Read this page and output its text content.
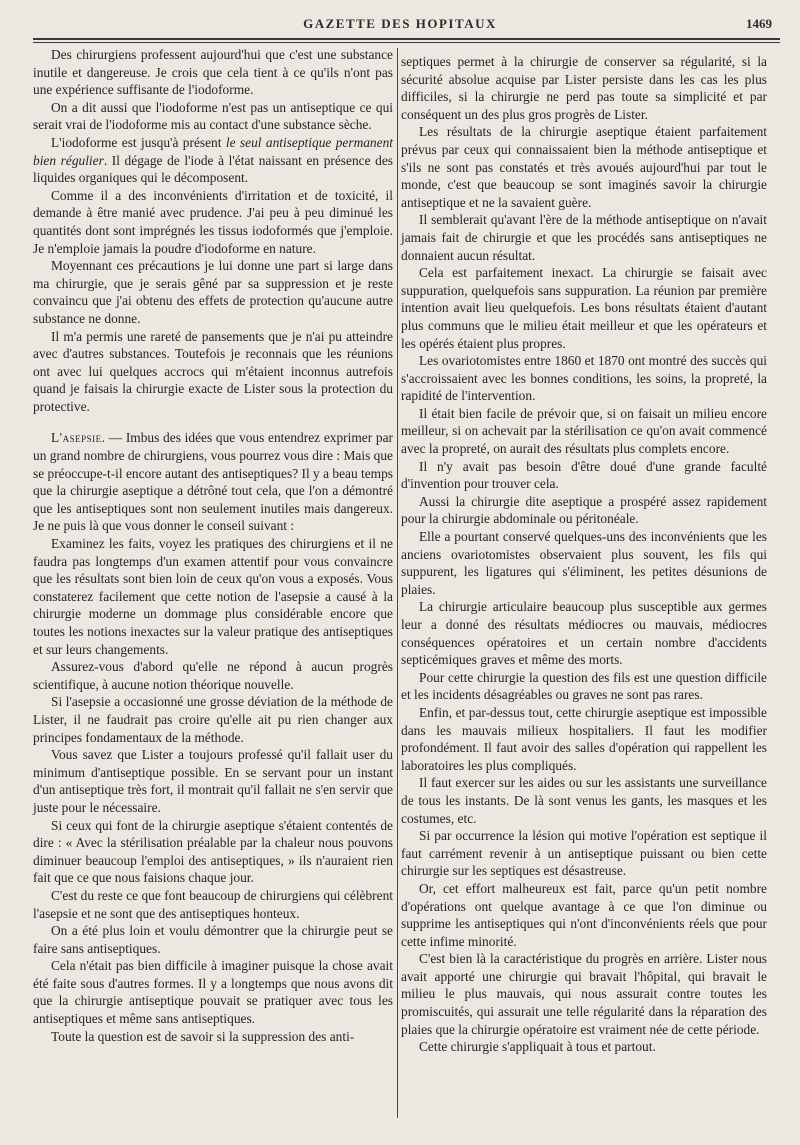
GAZETTE DES HOPITAUX	1469

Des chirurgiens professent aujourd'hui que c'est une substance inutile et dangereuse. Je crois que cela tient à ce qu'ils n'ont pas une expérience suffisante de l'iodoforme.

On a dit aussi que l'iodoforme n'est pas un antiseptique ce qui serait vrai de l'iodoforme mis au contact d'une substance sèche.

L'iodoforme est jusqu'à présent le seul antiseptique permanent bien régulier. Il dégage de l'iode à l'état naissant en présence des liquides organiques qui le décomposent.

Comme il a des inconvénients d'irritation et de toxicité, il demande à être manié avec prudence. J'ai peu à peu diminué les quantités dont sont imprégnés les tissus iodoformés que j'emploie. Je n'emploie jamais la poudre d'iodoforme en nature.

Moyennant ces précautions je lui donne une part si large dans ma chirurgie, que je serais gêné par sa suppression et je reste convaincu que j'ai obtenu des effets de protection qu'aucune autre substance ne donne.

Il m'a permis une rareté de pansements que je n'ai pu atteindre avec d'autres substances. Toutefois je reconnais que les réunions ont avec lui quelques accrocs qui m'étaient inconnus autrefois quand je faisais la chirurgie exacte de Lister sous la protection du protective.

L'asepsie. — Imbus des idées que vous entendrez exprimer par un grand nombre de chirurgiens, vous pourrez vous dire : Mais que se préoccupe-t-il encore autant des antiseptiques? Il y a beau temps que la chirurgie aseptique a détrôné tout cela, que l'on a démontré que les antiseptiques sont non seulement inutiles mais dangereux. Je ne puis là que vous donner le conseil suivant :

Examinez les faits, voyez les pratiques des chirurgiens et il ne faudra pas longtemps d'un examen attentif pour vous convaincre que les résultats sont bien loin de ceux qu'on vous a exposés. Vous constaterez facilement que cette notion de l'asepsie a causé à la chirurgie moderne un dommage plus considérable encore que toutes les notions inexactes sur la valeur pratique des antiseptiques et sur leurs changements.

Assurez-vous d'abord qu'elle ne répond à aucun progrès scientifique, à aucune notion théorique nouvelle.

Si l'asepsie a occasionné une grosse déviation de la méthode de Lister, il ne faudrait pas croire qu'elle ait pu rien changer aux principes fondamentaux de la méthode.

Vous savez que Lister a toujours professé qu'il fallait user du minimum d'antiseptique possible. En se servant pour un instant d'un antiseptique très fort, il montrait qu'il fallait ne s'en servir que juste pour le nécessaire.

Si ceux qui font de la chirurgie aseptique s'étaient contentés de dire : « Avec la stérilisation préalable par la chaleur nous pouvons diminuer beaucoup l'emploi des antiseptiques, » ils n'auraient rien fait que ce que nous faisions chaque jour.

C'est du reste ce que font beaucoup de chirurgiens qui célèbrent l'asepsie et ne sont que des antiseptiques honteux.

On a été plus loin et voulu démontrer que la chirurgie peut se faire sans antiseptiques.

Cela n'était pas bien difficile à imaginer puisque la chose avait été faite sous d'autres formes. Il y a longtemps que nous avons dit que la chirurgie antiseptique pouvait se pratiquer avec tous les antiseptiques et même sans antiseptiques.

Toute la question est de savoir si la suppression des anti-

septiques permet à la chirurgie de conserver sa régularité, si la sécurité absolue acquise par Lister persiste dans les cas les plus difficiles, si la chirurgie ne perd pas toute sa simplicité et par conséquent un des plus gros progrès de Lister.

Les résultats de la chirurgie aseptique étaient parfaitement prévus par ceux qui connaissaient bien la méthode antiseptique et s'ils ne sont pas constatés et très avoués aujourd'hui par tout le monde, c'est que beaucoup se sont imaginés savoir la chirurgie antiseptique et ne la savaient guère.

Il semblerait qu'avant l'ère de la méthode antiseptique on n'avait jamais fait de chirurgie et que les procédés sans antiseptiques ne donnaient aucun résultat.

Cela est parfaitement inexact. La chirurgie se faisait avec suppuration, quelquefois sans suppuration. La réunion par première intention avait lieu quelquefois. Les bons résultats étaient d'autant plus communs que le milieu était meilleur et que les opérateurs et les opérés étaient plus propres.

Les ovariotomistes entre 1860 et 1870 ont montré des succès qui s'accroissaient avec les bonnes conditions, les soins, la propreté, la rapidité de l'intervention.

Il était bien facile de prévoir que, si on faisait un milieu encore meilleur, si on achevait par la stérilisation ce qu'on avait commencé avec la propreté, on aurait des résultats plus complets encore.

Il n'y avait pas besoin d'être doué d'une grande faculté d'invention pour trouver cela.

Aussi la chirurgie dite aseptique a prospéré assez rapidement pour la chirurgie abdominale ou péritonéale.

Elle a pourtant conservé quelques-uns des inconvénients que les anciens ovariotomistes observaient plus souvent, les fils qui suppurent, les ligatures qui s'éliminent, les petites désunions de plaies.

La chirurgie articulaire beaucoup plus susceptible aux germes leur a donné des résultats médiocres ou mauvais, médiocres conséquences opératoires et un certain nombre d'accidents septicémiques graves et même des morts.

Pour cette chirurgie la question des fils est une question difficile et les incidents désagréables ou graves ne sont pas rares.

Enfin, et par-dessus tout, cette chirurgie aseptique est impossible dans les mauvais milieux hospitaliers. Il faut les modifier profondément. Il faut avoir des salles d'opération qui rappellent les laboratoires les plus compliqués.

Il faut exercer sur les aides ou sur les assistants une surveillance de tous les instants. De là sont venus les gants, les masques et les costumes, etc.

Si par occurrence la lésion qui motive l'opération est septique il faut carrément revenir à un antiseptique puissant ou bien cette chirurgie sur les septiques est désastreuse.

Or, cet effort malheureux est fait, parce qu'un petit nombre d'opérations ont quelque avantage à ce que l'on diminue ou supprime les antiseptiques qui n'ont d'inconvénients réels que pour cette infime minorité.

C'est bien là la caractéristique du progrès en arrière. Lister nous avait apporté une chirurgie qui bravait l'hôpital, qui bravait le milieu le plus mauvais, qui nous assurait contre toutes les promiscuités, qui assurait une telle régularité dans la réparation des plaies que la chirurgie opératoire est vraiment née de cette période.

Cette chirurgie s'appliquait à tous et partout.
